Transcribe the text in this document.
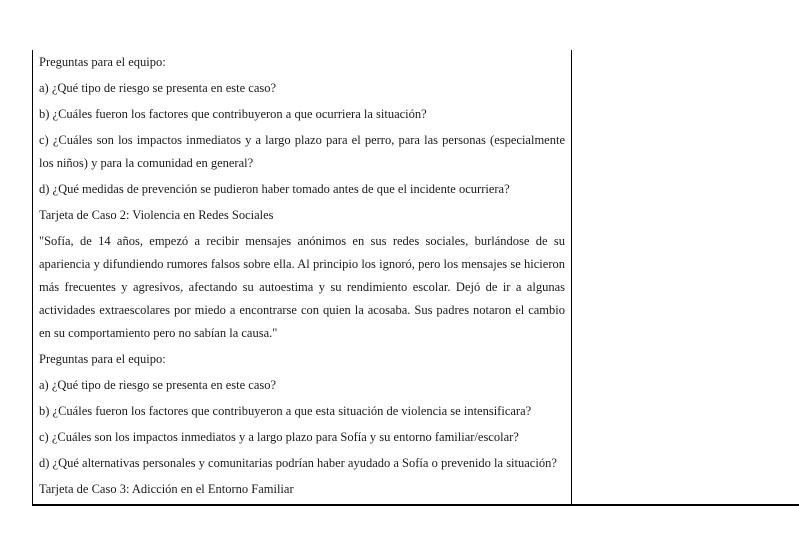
Preguntas para el equipo:

a) ¿Qué tipo de riesgo se presenta en este caso?

b) ¿Cuáles fueron los factores que contribuyeron a que ocurriera la situación?

c) ¿Cuáles son los impactos inmediatos y a largo plazo para el perro, para las personas (especialmente los niños) y para la comunidad en general?

d) ¿Qué medidas de prevención se pudieron haber tomado antes de que el incidente ocurriera?

Tarjeta de Caso 2: Violencia en Redes Sociales

"Sofía, de 14 años, empezó a recibir mensajes anónimos en sus redes sociales, burlándose de su apariencia y difundiendo rumores falsos sobre ella. Al principio los ignoró, pero los mensajes se hicieron más frecuentes y agresivos, afectando su autoestima y su rendimiento escolar. Dejó de ir a algunas actividades extraescolares por miedo a encontrarse con quien la acosaba. Sus padres notaron el cambio en su comportamiento pero no sabían la causa."

Preguntas para el equipo:

a) ¿Qué tipo de riesgo se presenta en este caso?

b) ¿Cuáles fueron los factores que contribuyeron a que esta situación de violencia se intensificara?

c) ¿Cuáles son los impactos inmediatos y a largo plazo para Sofía y su entorno familiar/escolar?

d) ¿Qué alternativas personales y comunitarias podrían haber ayudado a Sofía o prevenido la situación?

Tarjeta de Caso 3: Adicción en el Entorno Familiar
